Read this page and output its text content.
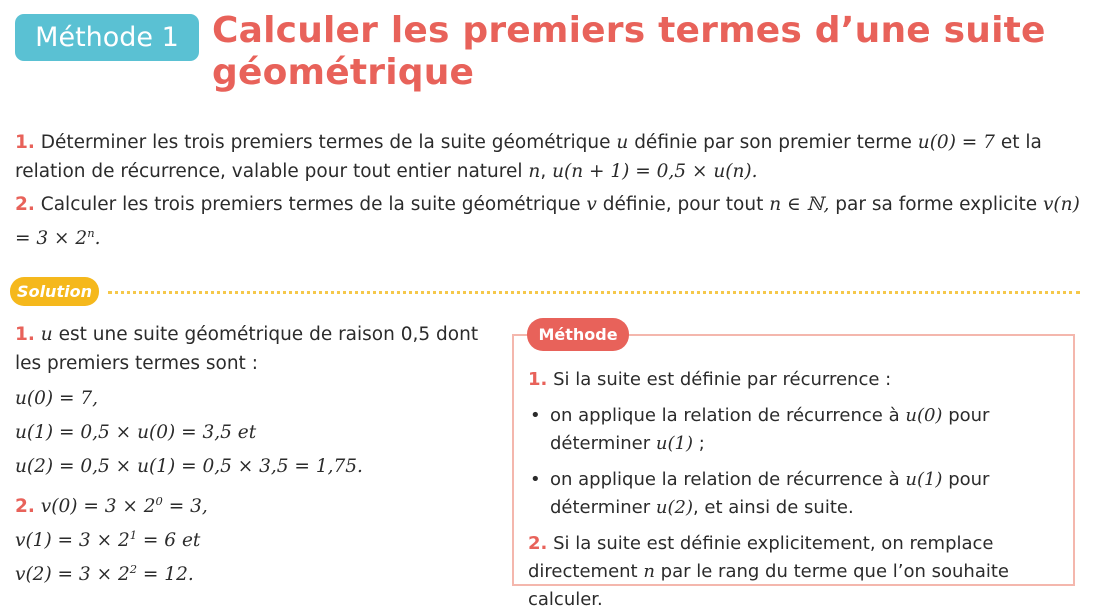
Méthode 1 Calculer les premiers termes d’une suite géométrique
1. Déterminer les trois premiers termes de la suite géométrique u définie par son premier terme u(0) = 7 et la relation de récurrence, valable pour tout entier naturel n, u(n + 1) = 0,5 × u(n).
2. Calculer les trois premiers termes de la suite géométrique v définie, pour tout n ∈ ℕ, par sa forme explicite $v(n) = 3 \times 2^n$.
Solution
1. u est une suite géométrique de raison 0,5 dont les premiers termes sont :
u(0) = 7,
u(1) = 0,5 × u(0) = 3,5 et
u(2) = 0,5 × u(1) = 0,5 × 3,5 = 1,75.
2. $v(0) = 3 \times 2^0 = 3$,
$v(1) = 3 \times 2^1 = 6$ et
$v(2) = 3 \times 2^2 = 12$.
Méthode
1. Si la suite est définie par récurrence :
• on applique la relation de récurrence à u(0) pour déterminer u(1) ;
• on applique la relation de récurrence à u(1) pour déterminer u(2), et ainsi de suite.
2. Si la suite est définie explicitement, on remplace directement n par le rang du terme que l’on souhaite calculer.
